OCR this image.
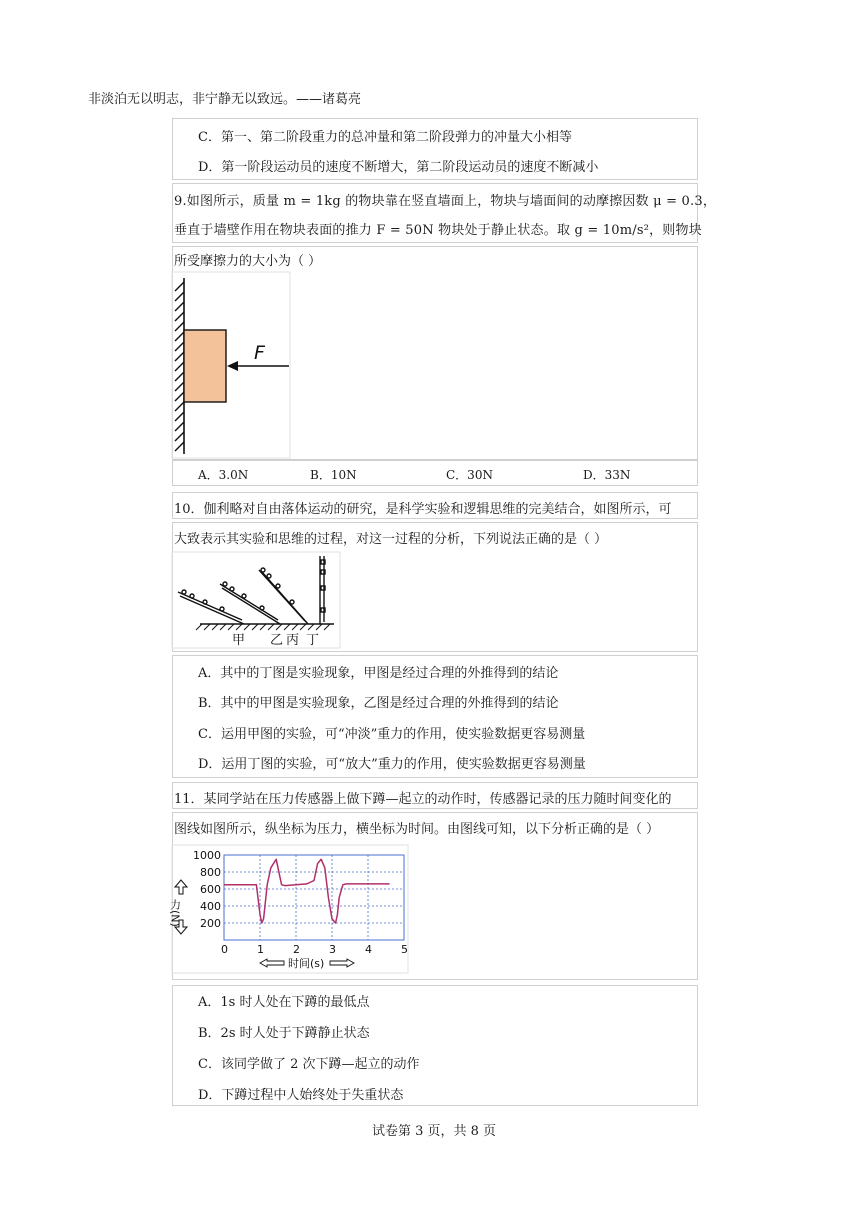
非淡泊无以明志，非宁静无以致远。——诸葛亮
C．第一、第二阶段重力的总冲量和第二阶段弹力的冲量大小相等
D．第一阶段运动员的速度不断增大，第二阶段运动员的速度不断减小
9.如图所示，质量 m = 1kg 的物块靠在竖直墙面上，物块与墙面间的动摩擦因数 μ = 0.3，
垂直于墙壁作用在物块表面的推力 F = 50N 物块处于静止状态。取 g = 10m/s²，则物块
所受摩擦力的大小为（ ）
F
A．3.0N	B．10N	C．30N	D．33N
10．伽利略对自由落体运动的研究，是科学实验和逻辑思维的完美结合，如图所示，可
大致表示其实验和思维的过程，对这一过程的分析，下列说法正确的是（ ）
甲 乙 丙 丁
A．其中的丁图是实验现象，甲图是经过合理的外推得到的结论
B．其中的甲图是实验现象，乙图是经过合理的外推得到的结论
C．运用甲图的实验，可“冲淡”重力的作用，使实验数据更容易测量
D．运用丁图的实验，可“放大”重力的作用，使实验数据更容易测量
11．某同学站在压力传感器上做下蹲—起立的动作时，传感器记录的压力随时间变化的
图线如图所示，纵坐标为压力，横坐标为时间。由图线可知，以下分析正确的是（ ）
力(N)
0	1	2	3	4	5
200
400
600
800
1000
时间(s)
A．1s 时人处在下蹲的最低点
B．2s 时人处于下蹲静止状态
C．该同学做了 2 次下蹲—起立的动作
D．下蹲过程中人始终处于失重状态
试卷第 3 页，共 8 页
